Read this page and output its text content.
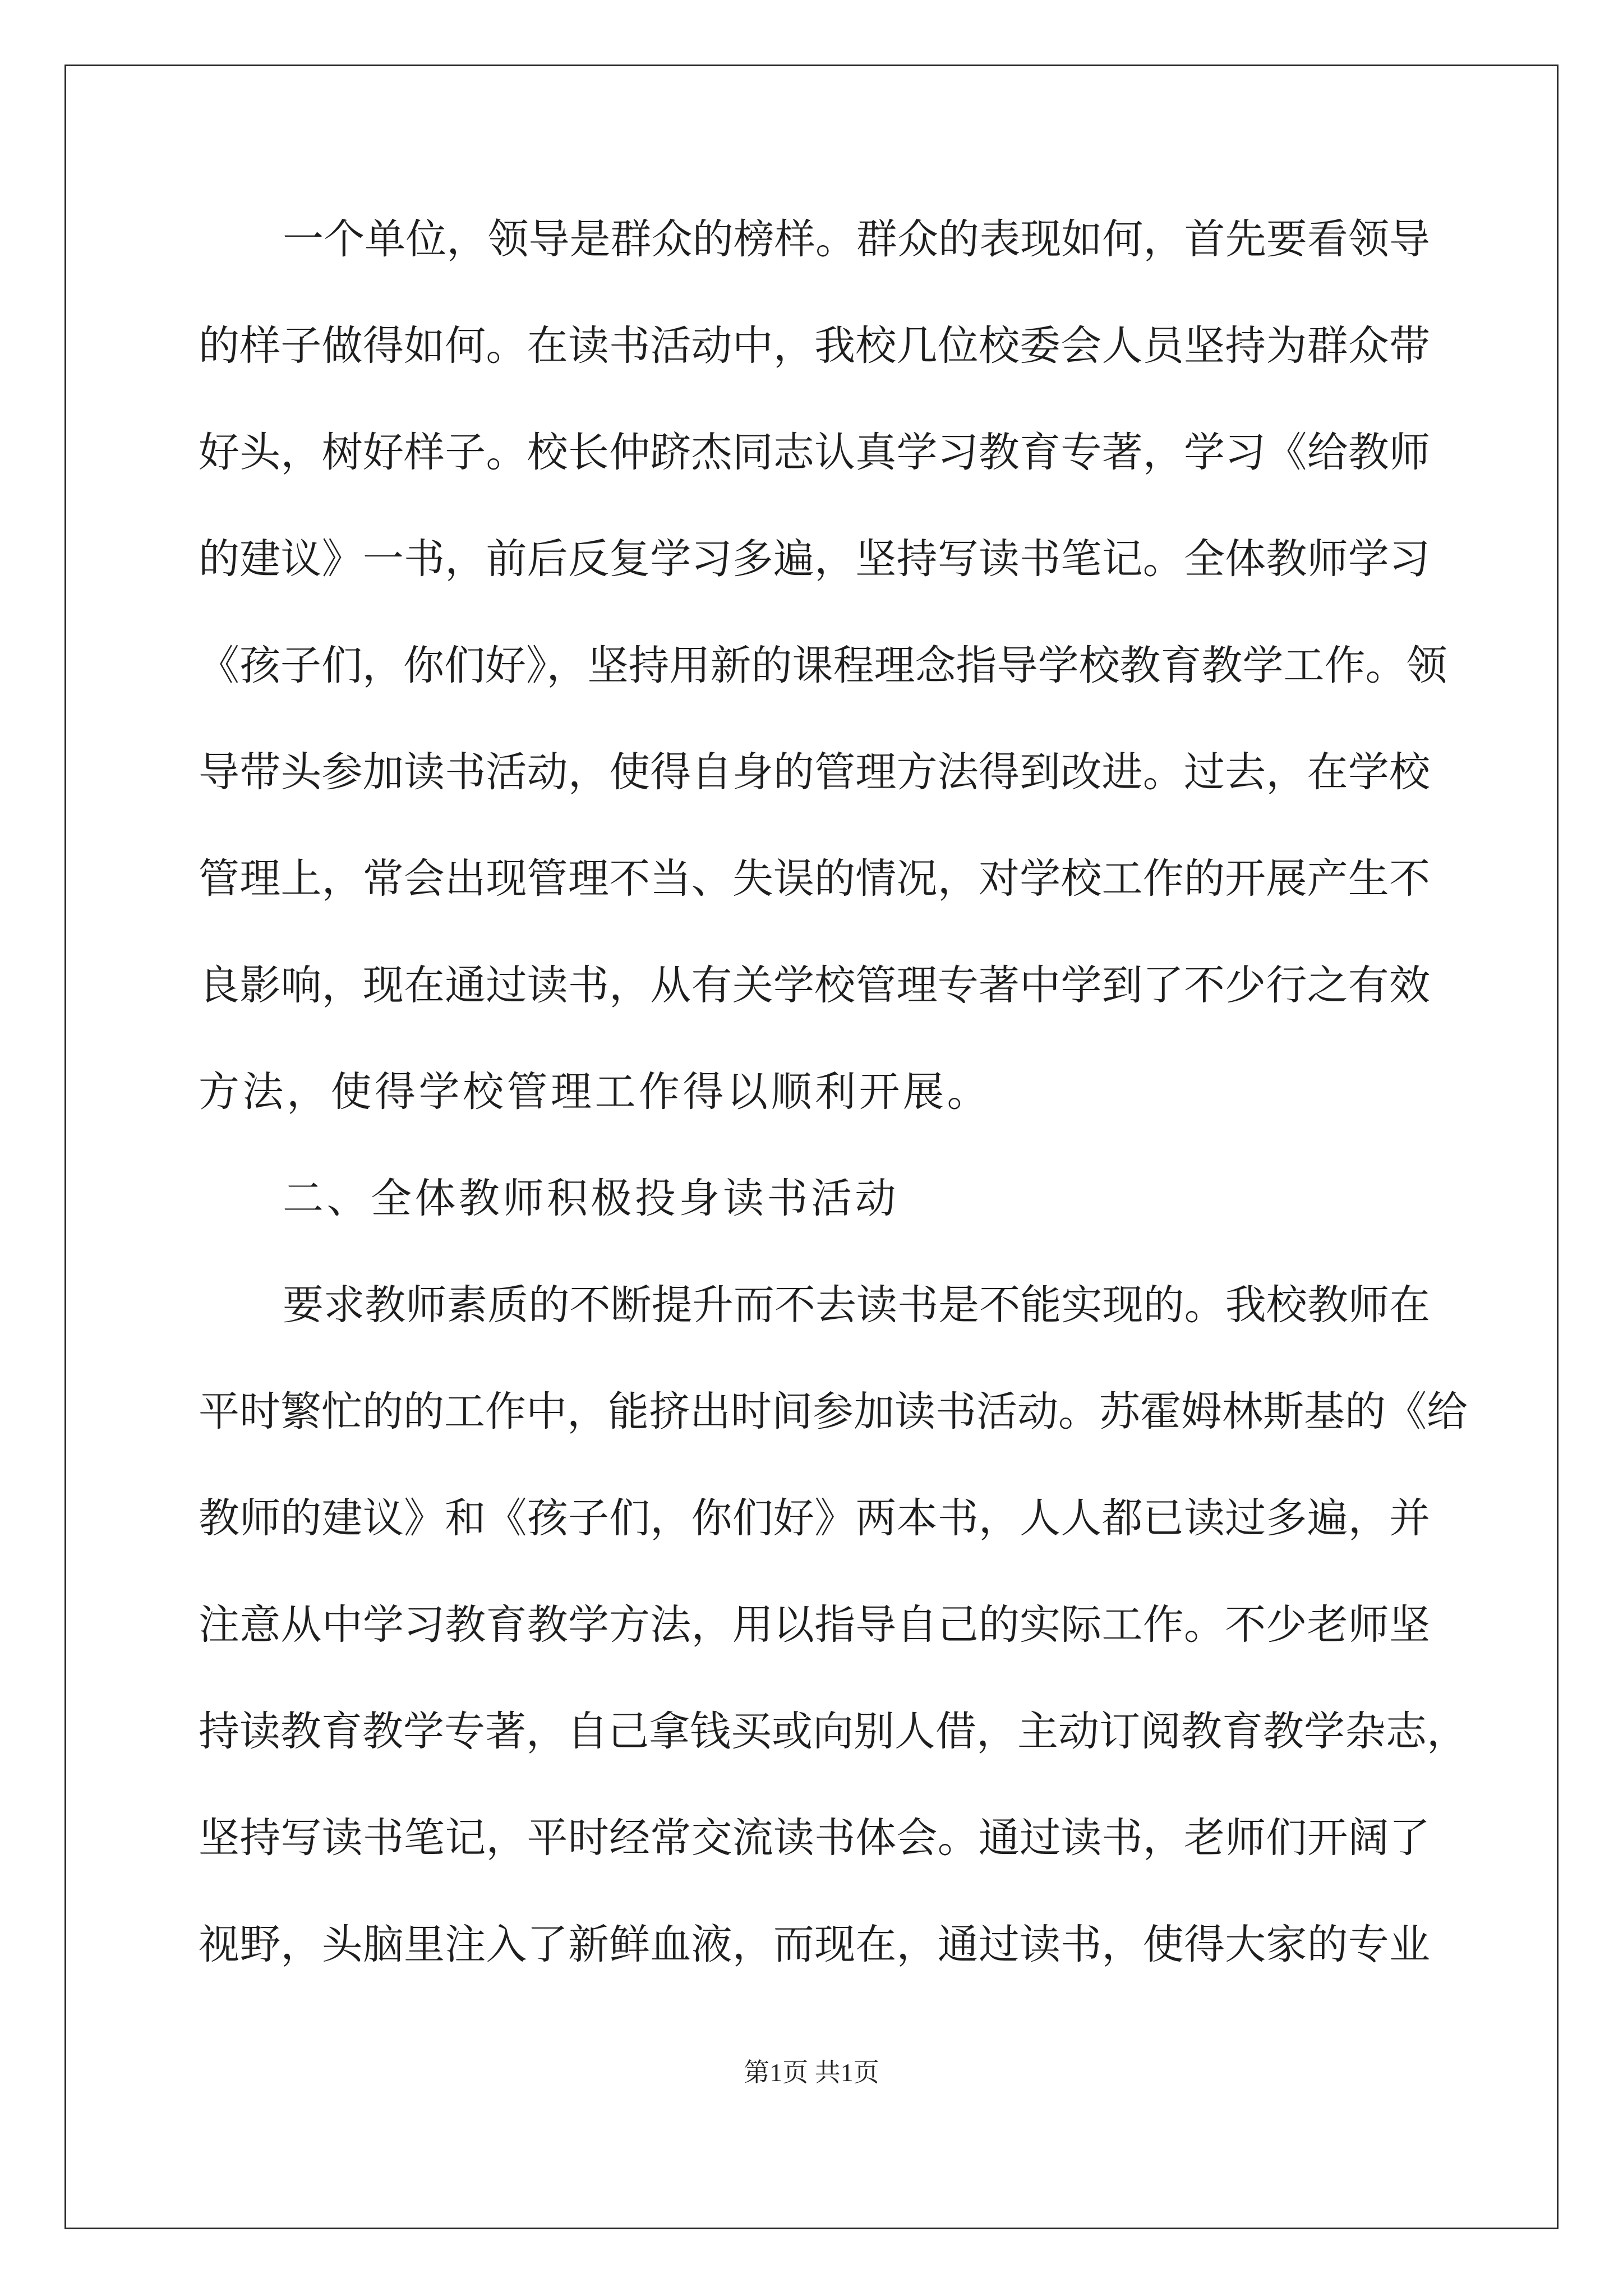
一个单位，领导是群众的榜样。群众的表现如何，首先要看领导
的样子做得如何。在读书活动中，我校几位校委会人员坚持为群众带
好头，树好样子。校长仲跻杰同志认真学习教育专著，学习《给教师
的建议》一书，前后反复学习多遍，坚持写读书笔记。全体教师学习
《孩子们，你们好》，坚持用新的课程理念指导学校教育教学工作。领
导带头参加读书活动，使得自身的管理方法得到改进。过去，在学校
管理上，常会出现管理不当、失误的情况，对学校工作的开展产生不
良影响，现在通过读书，从有关学校管理专著中学到了不少行之有效
方法，使得学校管理工作得以顺利开展。
二、全体教师积极投身读书活动
要求教师素质的不断提升而不去读书是不能实现的。我校教师在
平时繁忙的的工作中，能挤出时间参加读书活动。苏霍姆林斯基的《给
教师的建议》和《孩子们，你们好》两本书，人人都已读过多遍，并
注意从中学习教育教学方法，用以指导自己的实际工作。不少老师坚
持读教育教学专著，自己拿钱买或向别人借，主动订阅教育教学杂志，
坚持写读书笔记，平时经常交流读书体会。通过读书，老师们开阔了
视野，头脑里注入了新鲜血液，而现在，通过读书，使得大家的专业
第1页 共1页
